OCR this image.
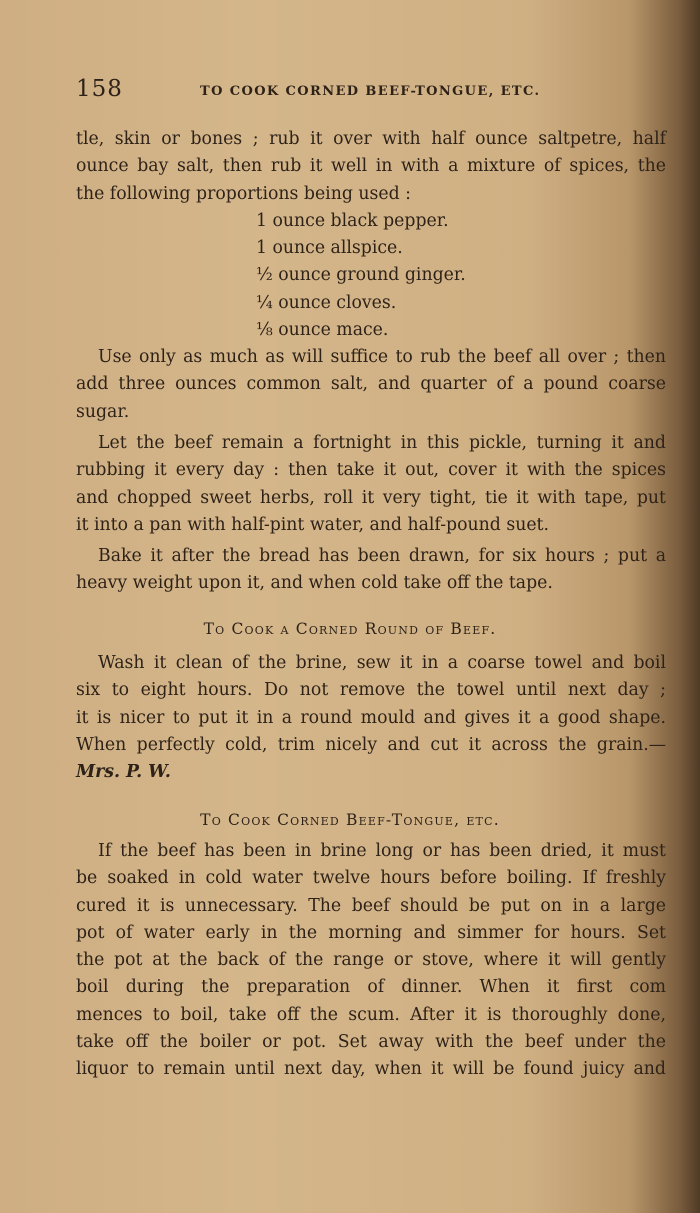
158	TO COOK CORNED BEEF-TONGUE, ETC.
tle, skin or bones ; rub it over with half ounce saltpetre, half
ounce bay salt, then rub it well in with a mixture of spices, the
the following proportions being used :
1 ounce black pepper.
1 ounce allspice.
½ ounce ground ginger.
¼ ounce cloves.
⅛ ounce mace.
Use only as much as will suffice to rub the beef all over ; then
add three ounces common salt, and quarter of a pound coarse
sugar.
Let the beef remain a fortnight in this pickle, turning it and
rubbing it every day : then take it out, cover it with the spices
and chopped sweet herbs, roll it very tight, tie it with tape, put
it into a pan with half-pint water, and half-pound suet.
Bake it after the bread has been drawn, for six hours ; put a
heavy weight upon it, and when cold take off the tape.
To Cook a Corned Round of Beef.
Wash it clean of the brine, sew it in a coarse towel and boil
six to eight hours. Do not remove the towel until next day ;
it is nicer to put it in a round mould and gives it a good shape.
When perfectly cold, trim nicely and cut it across the grain.—
Mrs. P. W.
To Cook Corned Beef-Tongue, etc.
If the beef has been in brine long or has been dried, it must
be soaked in cold water twelve hours before boiling. If freshly
cured it is unnecessary. The beef should be put on in a large
pot of water early in the morning and simmer for hours. Set
the pot at the back of the range or stove, where it will gently
boil during the preparation of dinner. When it first com
mences to boil, take off the scum. After it is thoroughly done,
take off the boiler or pot. Set away with the beef under the
liquor to remain until next day, when it will be found juicy and
